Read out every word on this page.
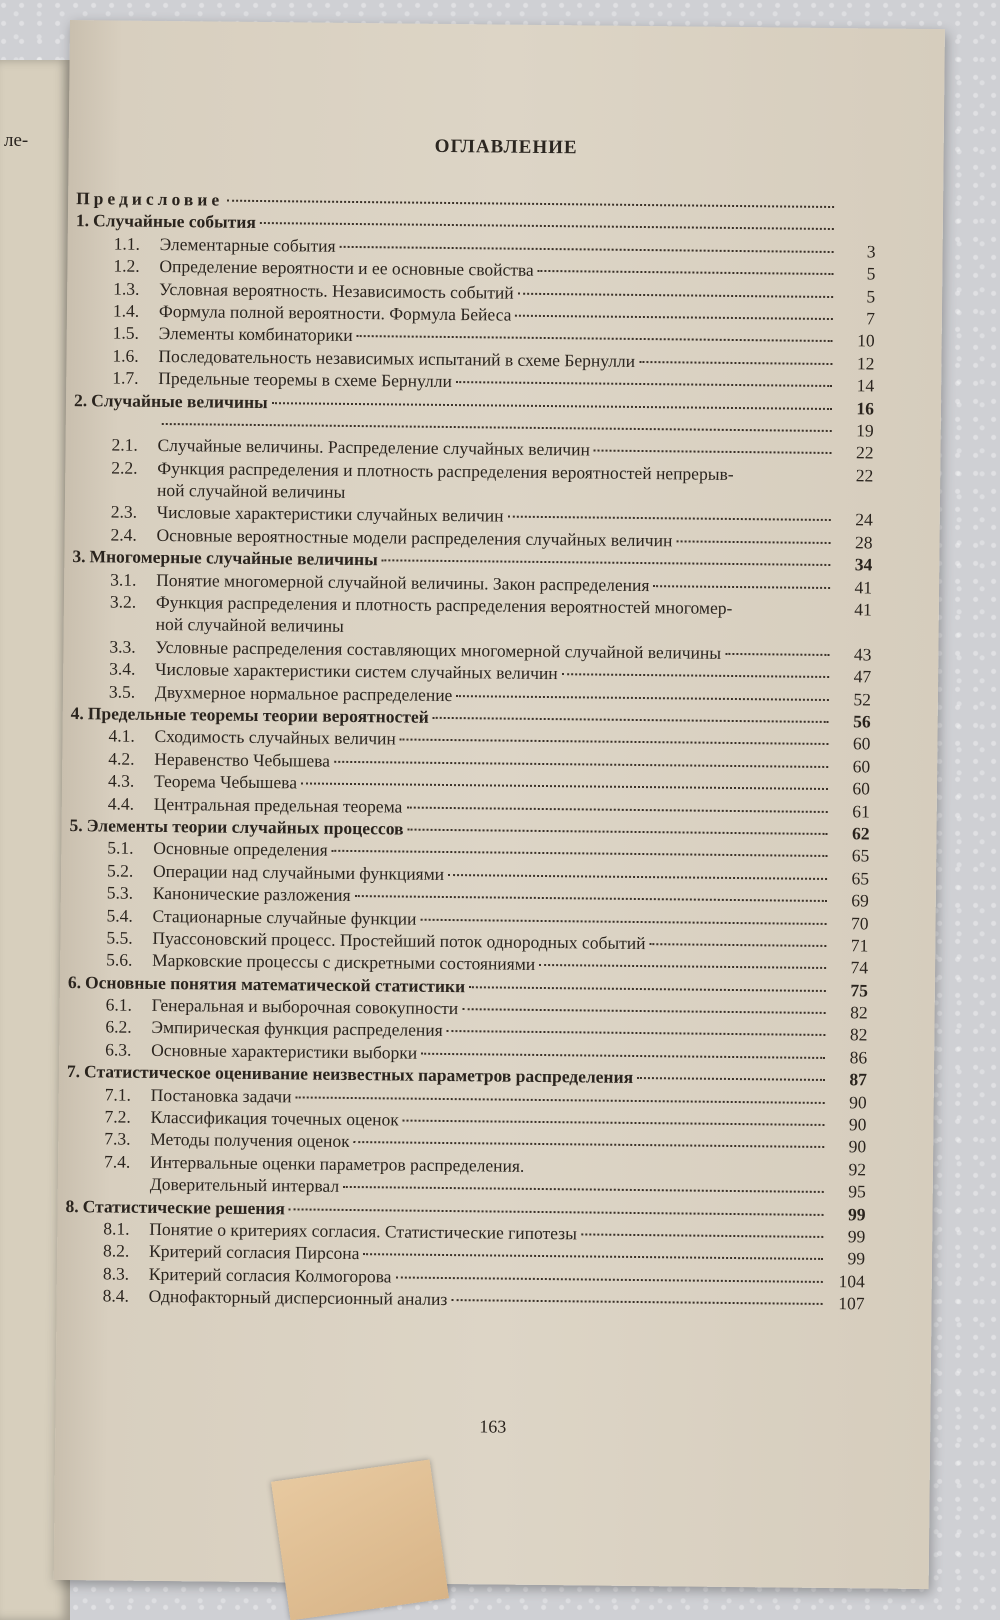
ле-	ОГЛАВЛЕНИЕ
Предисловие
1. Случайные события
1.1.	Элементарные события	3
1.2.	Определение вероятности и ее основные свойства	5
1.3.	Условная вероятность. Независимость событий	5
1.4.	Формула полной вероятности. Формула Бейеса	7
1.5.	Элементы комбинаторики	10
1.6.	Последовательность независимых испытаний в схеме Бернулли	12
1.7.	Предельные теоремы в схеме Бернулли	14
2. Случайные величины	16
19
2.1.	Случайные величины. Распределение случайных величин	22
2.2.	Функция распределения и плотность распределения вероятностей непрерыв-	22
ной случайной величины
2.3.	Числовые характеристики случайных величин	24
2.4.	Основные вероятностные модели распределения случайных величин	28
3. Многомерные случайные величины	34
3.1.	Понятие многомерной случайной величины. Закон распределения	41
3.2.	Функция распределения и плотность распределения вероятностей многомер-	41
ной случайной величины
3.3.	Условные распределения составляющих многомерной случайной величины	43
3.4.	Числовые характеристики систем случайных величин	47
3.5.	Двухмерное нормальное распределение	52
4. Предельные теоремы теории вероятностей	56
4.1.	Сходимость случайных величин	60
4.2.	Неравенство Чебышева	60
4.3.	Теорема Чебышева	60
4.4.	Центральная предельная теорема	61
5. Элементы теории случайных процессов	62
5.1.	Основные определения	65
5.2.	Операции над случайными функциями	65
5.3.	Канонические разложения	69
5.4.	Стационарные случайные функции	70
5.5.	Пуассоновский процесс. Простейший поток однородных событий	71
5.6.	Марковские процессы с дискретными состояниями	74
6. Основные понятия математической статистики	75
6.1.	Генеральная и выборочная совокупности	82
6.2.	Эмпирическая функция распределения	82
6.3.	Основные характеристики выборки	86
7. Статистическое оценивание неизвестных параметров распределения	87
7.1.	Постановка задачи	90
7.2.	Классификация точечных оценок	90
7.3.	Методы получения оценок	90
7.4.	Интервальные оценки параметров распределения.	92
Доверительный интервал	95
8. Статистические решения	99
8.1.	Понятие о критериях согласия. Статистические гипотезы	99
8.2.	Критерий согласия Пирсона	99
8.3.	Критерий согласия Колмогорова	104
8.4.	Однофакторный дисперсионный анализ	107
163
